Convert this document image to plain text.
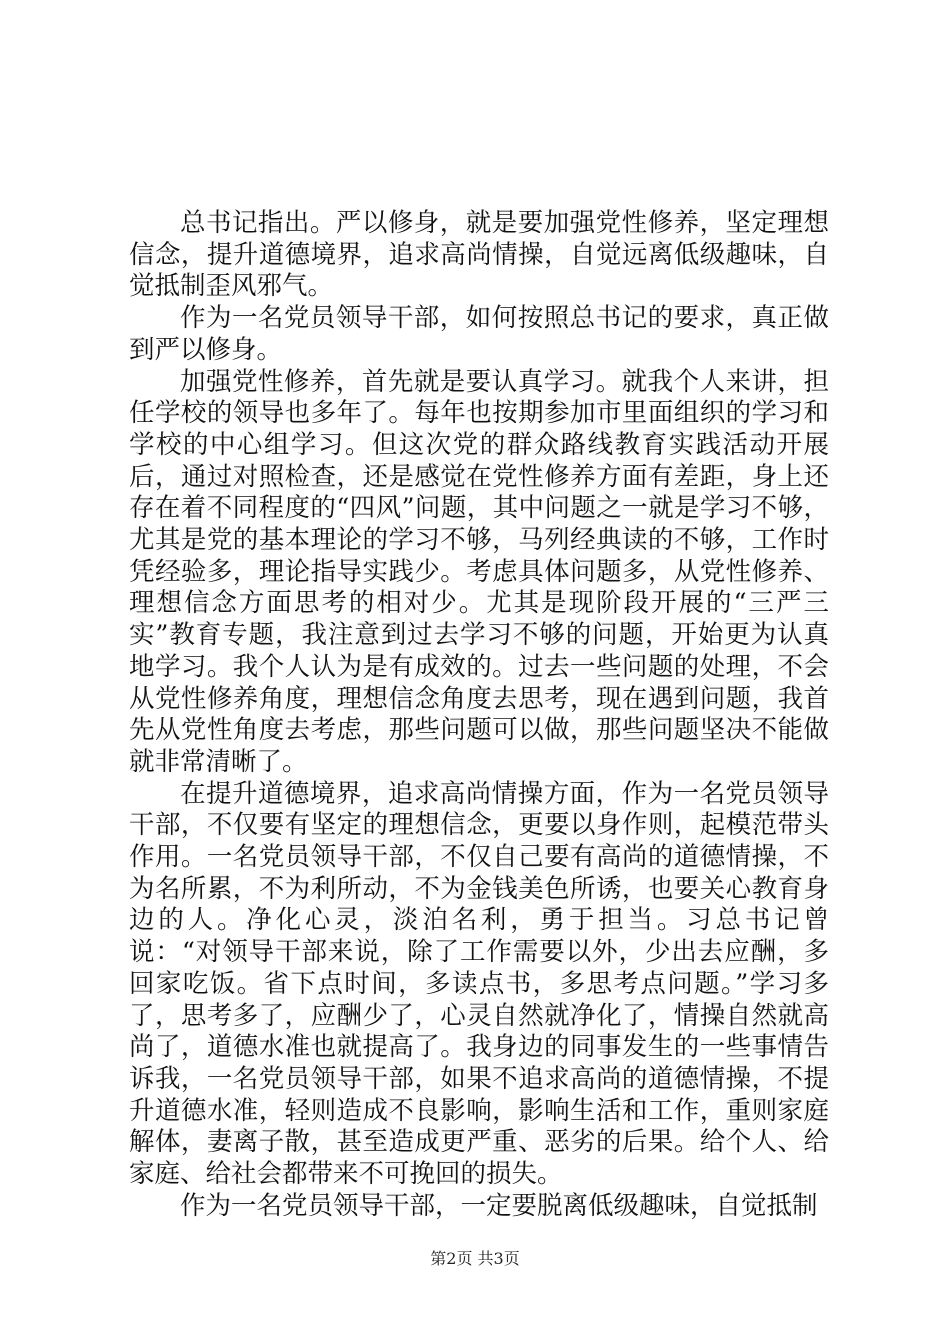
总书记指出。严以修身，就是要加强党性修养，坚定理想信念，提升道德境界，追求高尚情操，自觉远离低级趣味，自觉抵制歪风邪气。

作为一名党员领导干部，如何按照总书记的要求，真正做到严以修身。

加强党性修养，首先就是要认真学习。就我个人来讲，担任学校的领导也多年了。每年也按期参加市里面组织的学习和学校的中心组学习。但这次党的群众路线教育实践活动开展后，通过对照检查，还是感觉在党性修养方面有差距，身上还存在着不同程度的“四风”问题，其中问题之一就是学习不够，尤其是党的基本理论的学习不够，马列经典读的不够，工作时凭经验多，理论指导实践少。考虑具体问题多，从党性修养、理想信念方面思考的相对少。尤其是现阶段开展的“三严三实”教育专题，我注意到过去学习不够的问题，开始更为认真地学习。我个人认为是有成效的。过去一些问题的处理，不会从党性修养角度，理想信念角度去思考，现在遇到问题，我首先从党性角度去考虑，那些问题可以做，那些问题坚决不能做就非常清晰了。

在提升道德境界，追求高尚情操方面，作为一名党员领导干部，不仅要有坚定的理想信念，更要以身作则，起模范带头作用。一名党员领导干部，不仅自己要有高尚的道德情操，不为名所累，不为利所动，不为金钱美色所诱，也要关心教育身边的人。净化心灵，淡泊名利，勇于担当。习总书记曾说：“对领导干部来说，除了工作需要以外，少出去应酬，多回家吃饭。省下点时间，多读点书，多思考点问题。”学习多了，思考多了，应酬少了，心灵自然就净化了，情操自然就高尚了，道德水准也就提高了。我身边的同事发生的一些事情告诉我，一名党员领导干部，如果不追求高尚的道德情操，不提升道德水准，轻则造成不良影响，影响生活和工作，重则家庭解体，妻离子散，甚至造成更严重、恶劣的后果。给个人、给家庭、给社会都带来不可挽回的损失。

作为一名党员领导干部，一定要脱离低级趣味，自觉抵制

第2页 共3页
